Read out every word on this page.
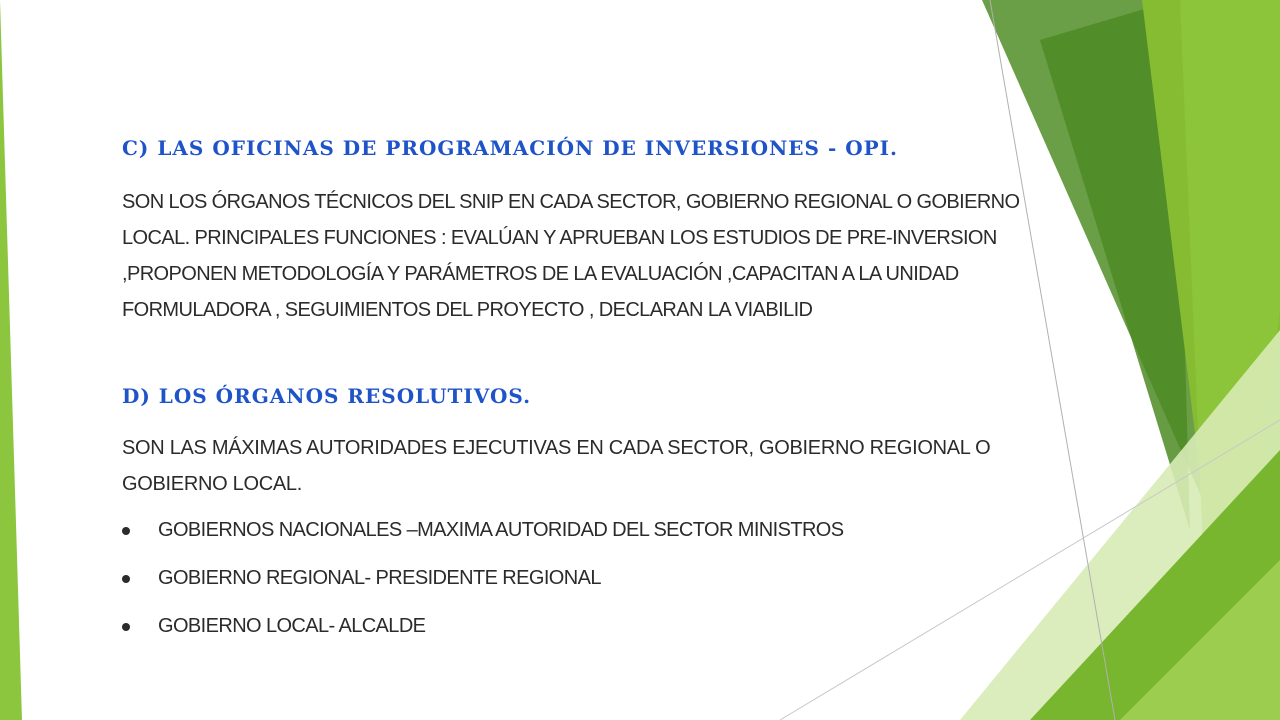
C) LAS OFICINAS DE PROGRAMACIÓN DE INVERSIONES - OPI.
SON LOS ÓRGANOS TÉCNICOS DEL SNIP EN CADA SECTOR, GOBIERNO REGIONAL O GOBIERNO LOCAL. PRINCIPALES FUNCIONES : EVALÚAN Y APRUEBAN LOS ESTUDIOS DE PRE-INVERSION ,PROPONEN METODOLOGÍA Y PARÁMETROS DE LA EVALUACIÓN ,CAPACITAN A LA UNIDAD FORMULADORA , SEGUIMIENTOS DEL PROYECTO , DECLARAN LA VIABILID
D) LOS ÓRGANOS RESOLUTIVOS.
SON LAS MÁXIMAS AUTORIDADES EJECUTIVAS EN CADA SECTOR, GOBIERNO REGIONAL O GOBIERNO LOCAL.
GOBIERNOS NACIONALES –MAXIMA AUTORIDAD DEL SECTOR MINISTROS
GOBIERNO REGIONAL- PRESIDENTE REGIONAL
GOBIERNO LOCAL- ALCALDE
